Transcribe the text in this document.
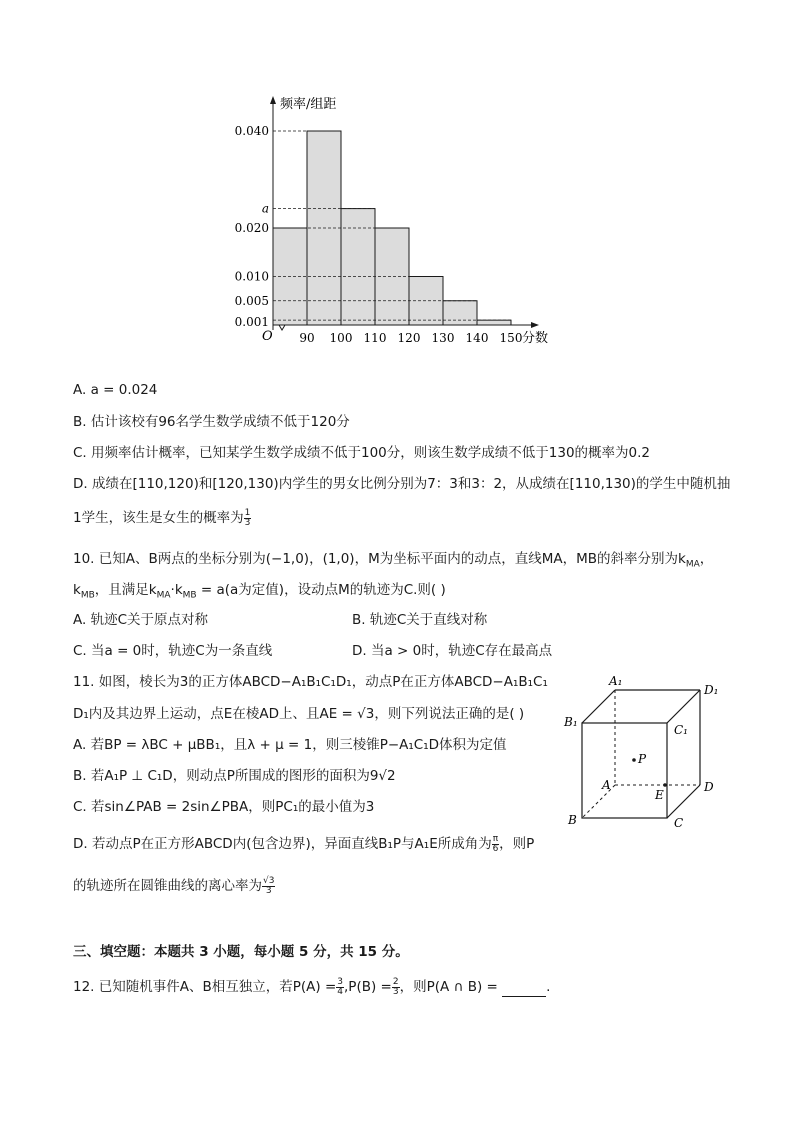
频率/组距
分数
O 90 100 110 120 130 140 150
0.001
0.005
0.010
0.020
a
0.040
A. a = 0.024
B. 估计该校有96名学生数学成绩不低于120分
C. 用频率估计概率，已知某学生数学成绩不低于100分，则该生数学成绩不低于130的概率为0.2
D. 成绩在[110,120)和[120,130)内学生的男女比例分别为7：3和3：2，从成绩在[110,130)的学生中随机抽
1学生，该生是女生的概率为 $\frac{1}{3}$
10. 已知A、B两点的坐标分别为(−1,0)，(1,0)，M为坐标平面内的动点，直线MA，MB的斜率分别为$k_{MA}$，
$k_{MB}$，且满足$k_{MA}\cdot k_{MB} = a(a$为定值)，设动点M的轨迹为C.则( )
A. 轨迹C关于原点对称	B. 轨迹C关于直线对称
C. 当a = 0时，轨迹C为一条直线	D. 当a > 0时，轨迹C存在最高点
11. 如图，棱长为3的正方体ABCD−A₁B₁C₁D₁，动点P在正方体ABCD−A₁B₁C₁
D₁内及其边界上运动，点E在棱AD上、且AE = √3，则下列说法正确的是( )
A. 若BP = λBC + μBB₁，且λ + μ = 1，则三棱锥P−A₁C₁D体积为定值
B. 若A₁P ⊥ C₁D，则动点P所围成的图形的面积为9√2
C. 若sin∠PAB = 2sin∠PBA，则PC₁的最小值为3
D. 若动点P在正方形ABCD内(包含边界)，异面直线B₁P与A₁E所成角为 $\frac{\pi}{6}$ ，则P
的轨迹所在圆锥曲线的离心率为 $\frac{√3}{3}$
A₁
D₁
B₁
C₁
A	D
B	C
P
E
三、填空题：本题共 3 小题，每小题 5 分，共 15 分。
12. 已知随机事件A、B相互独立，若$P(A) = \frac{3}{4} ,P(B) = \frac{2}{3}$ ，则P(A ∩ B) =	.
